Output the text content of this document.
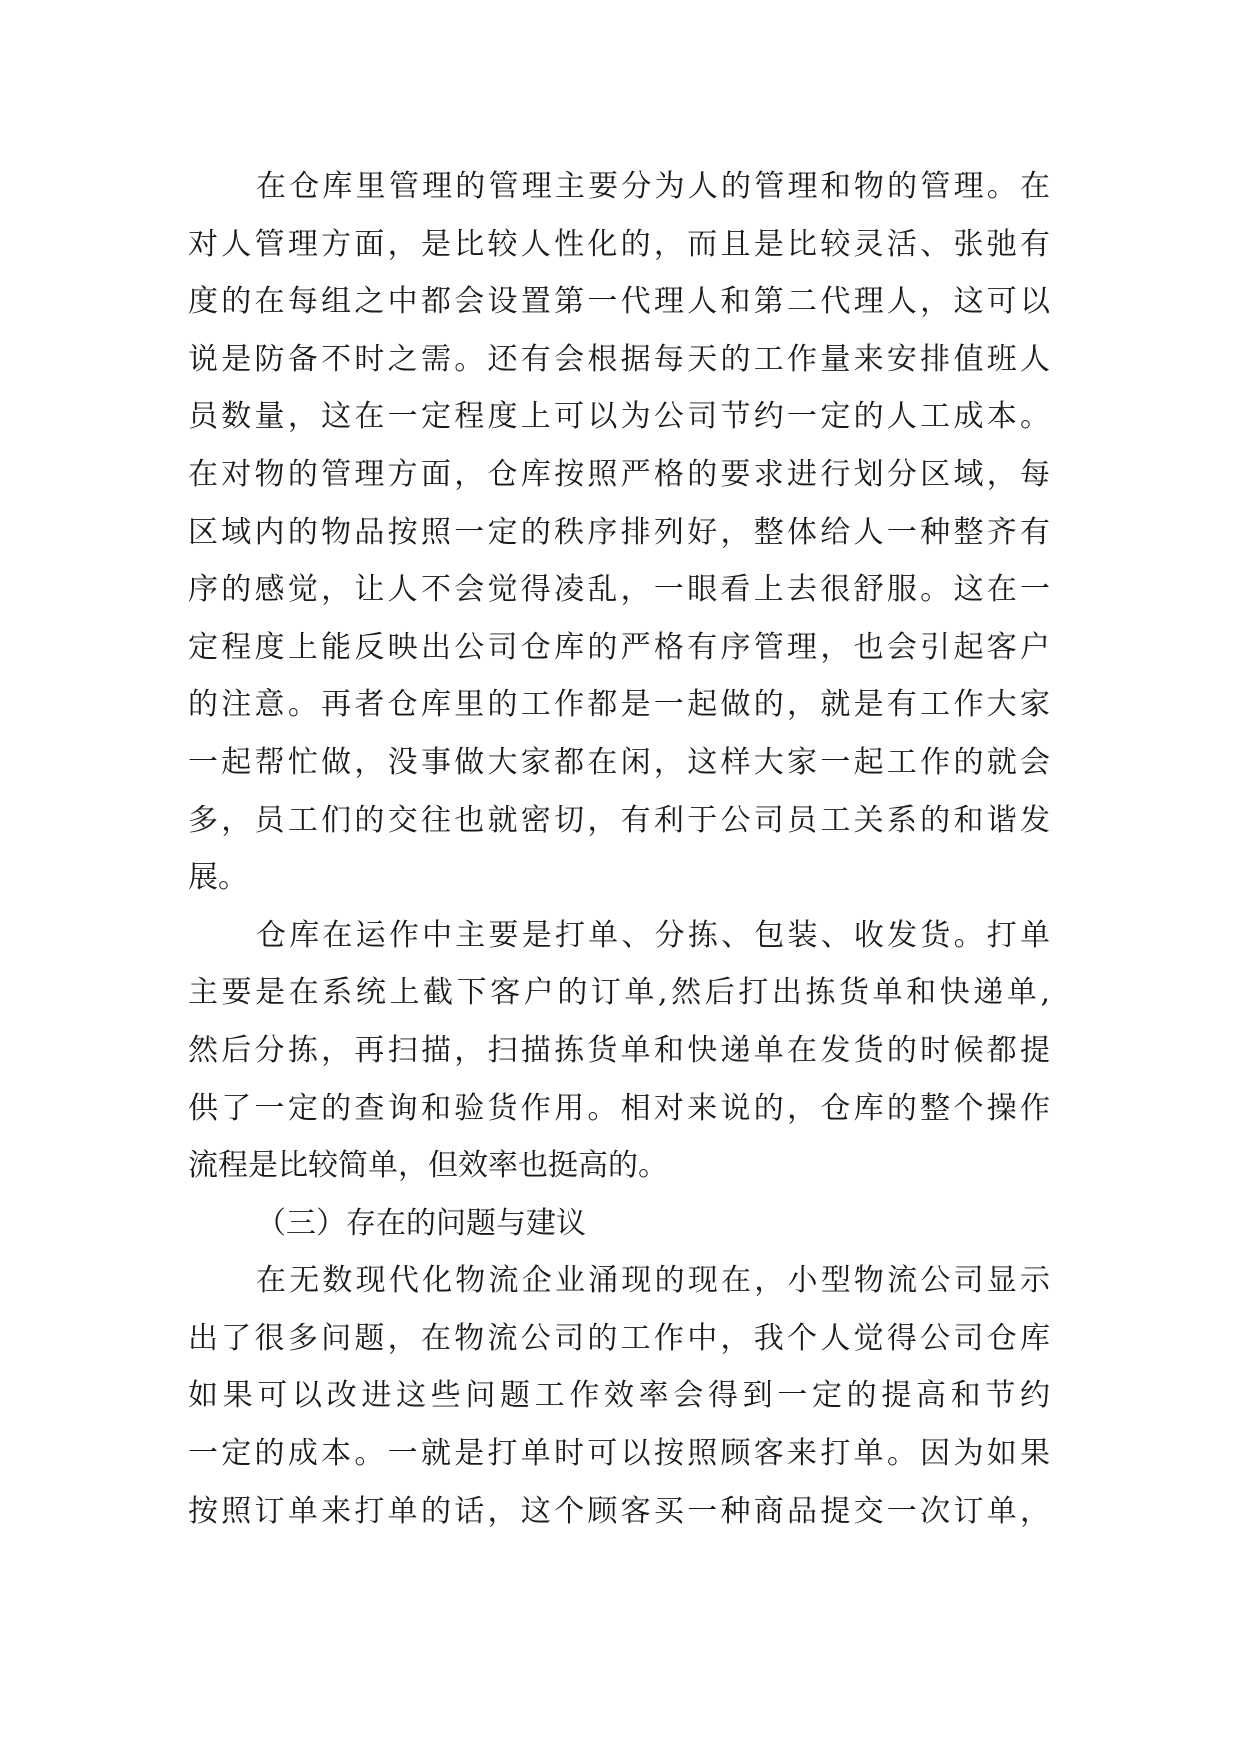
在仓库里管理的管理主要分为人的管理和物的管理。在
对人管理方面，是比较人性化的，而且是比较灵活、张弛有
度的在每组之中都会设置第一代理人和第二代理人，这可以
说是防备不时之需。还有会根据每天的工作量来安排值班人
员数量，这在一定程度上可以为公司节约一定的人工成本。
在对物的管理方面，仓库按照严格的要求进行划分区域，每
区域内的物品按照一定的秩序排列好，整体给人一种整齐有
序的感觉，让人不会觉得凌乱，一眼看上去很舒服。这在一
定程度上能反映出公司仓库的严格有序管理，也会引起客户
的注意。再者仓库里的工作都是一起做的，就是有工作大家
一起帮忙做，没事做大家都在闲，这样大家一起工作的就会
多，员工们的交往也就密切，有利于公司员工关系的和谐发
展。
仓库在运作中主要是打单、分拣、包装、收发货。打单
主要是在系统上截下客户的订单,然后打出拣货单和快递单,
然后分拣，再扫描，扫描拣货单和快递单在发货的时候都提
供了一定的查询和验货作用。相对来说的，仓库的整个操作
流程是比较简单，但效率也挺高的。
（三）存在的问题与建议
在无数现代化物流企业涌现的现在，小型物流公司显示
出了很多问题，在物流公司的工作中，我个人觉得公司仓库
如果可以改进这些问题工作效率会得到一定的提高和节约
一定的成本。一就是打单时可以按照顾客来打单。因为如果
按照订单来打单的话，这个顾客买一种商品提交一次订单，
